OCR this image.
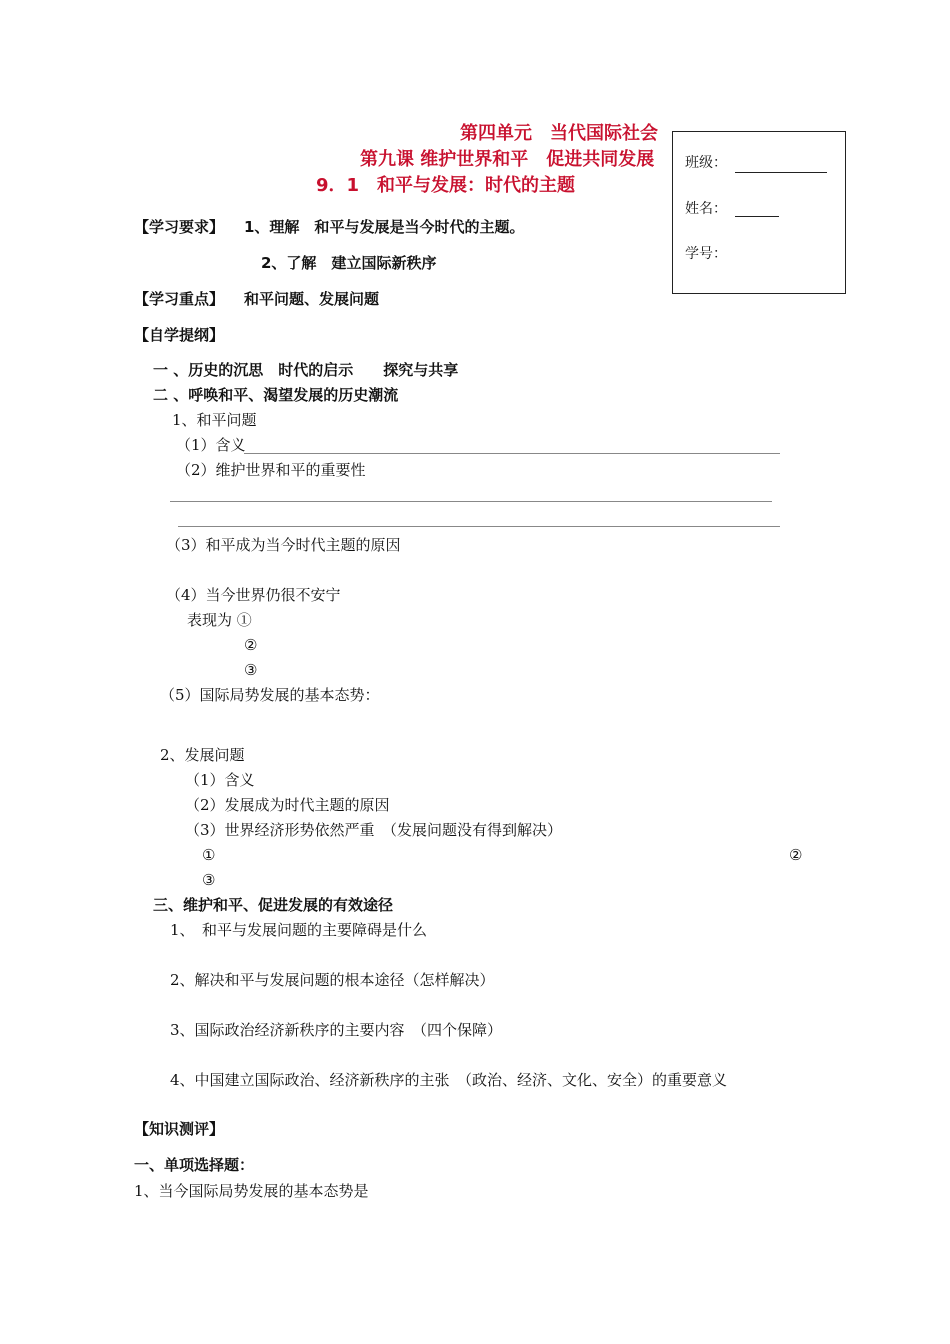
班级：
姓名：
学号：
第四单元　当代国际社会
第九课 维护世界和平　促进共同发展
9．1　和平与发展：时代的主题
【学习要求】 1、理解　和平与发展是当今时代的主题。
2、了解　建立国际新秩序
【学习重点】 和平问题、发展问题
【自学提纲】
一 、历史的沉思　时代的启示　　探究与共享
二 、呼唤和平、渴望发展的历史潮流
1、和平问题
（1）含义
（2）维护世界和平的重要性
（3）和平成为当今时代主题的原因
（4）当今世界仍很不安宁
表现为 ①
②
③
（5）国际局势发展的基本态势：
2、发展问题
（1）含义
（2）发展成为时代主题的原因
（3）世界经济形势依然严重　（发展问题没有得到解决）
①	②
③
三、维护和平、促进发展的有效途径
1、　和平与发展问题的主要障碍是什么
2、解决和平与发展问题的根本途径（怎样解决）
3、国际政治经济新秩序的主要内容　（四个保障）
4、中国建立国际政治、经济新秩序的主张　（政治、经济、文化、安全）的重要意义
【知识测评】
一、单项选择题：
1、当今国际局势发展的基本态势是
